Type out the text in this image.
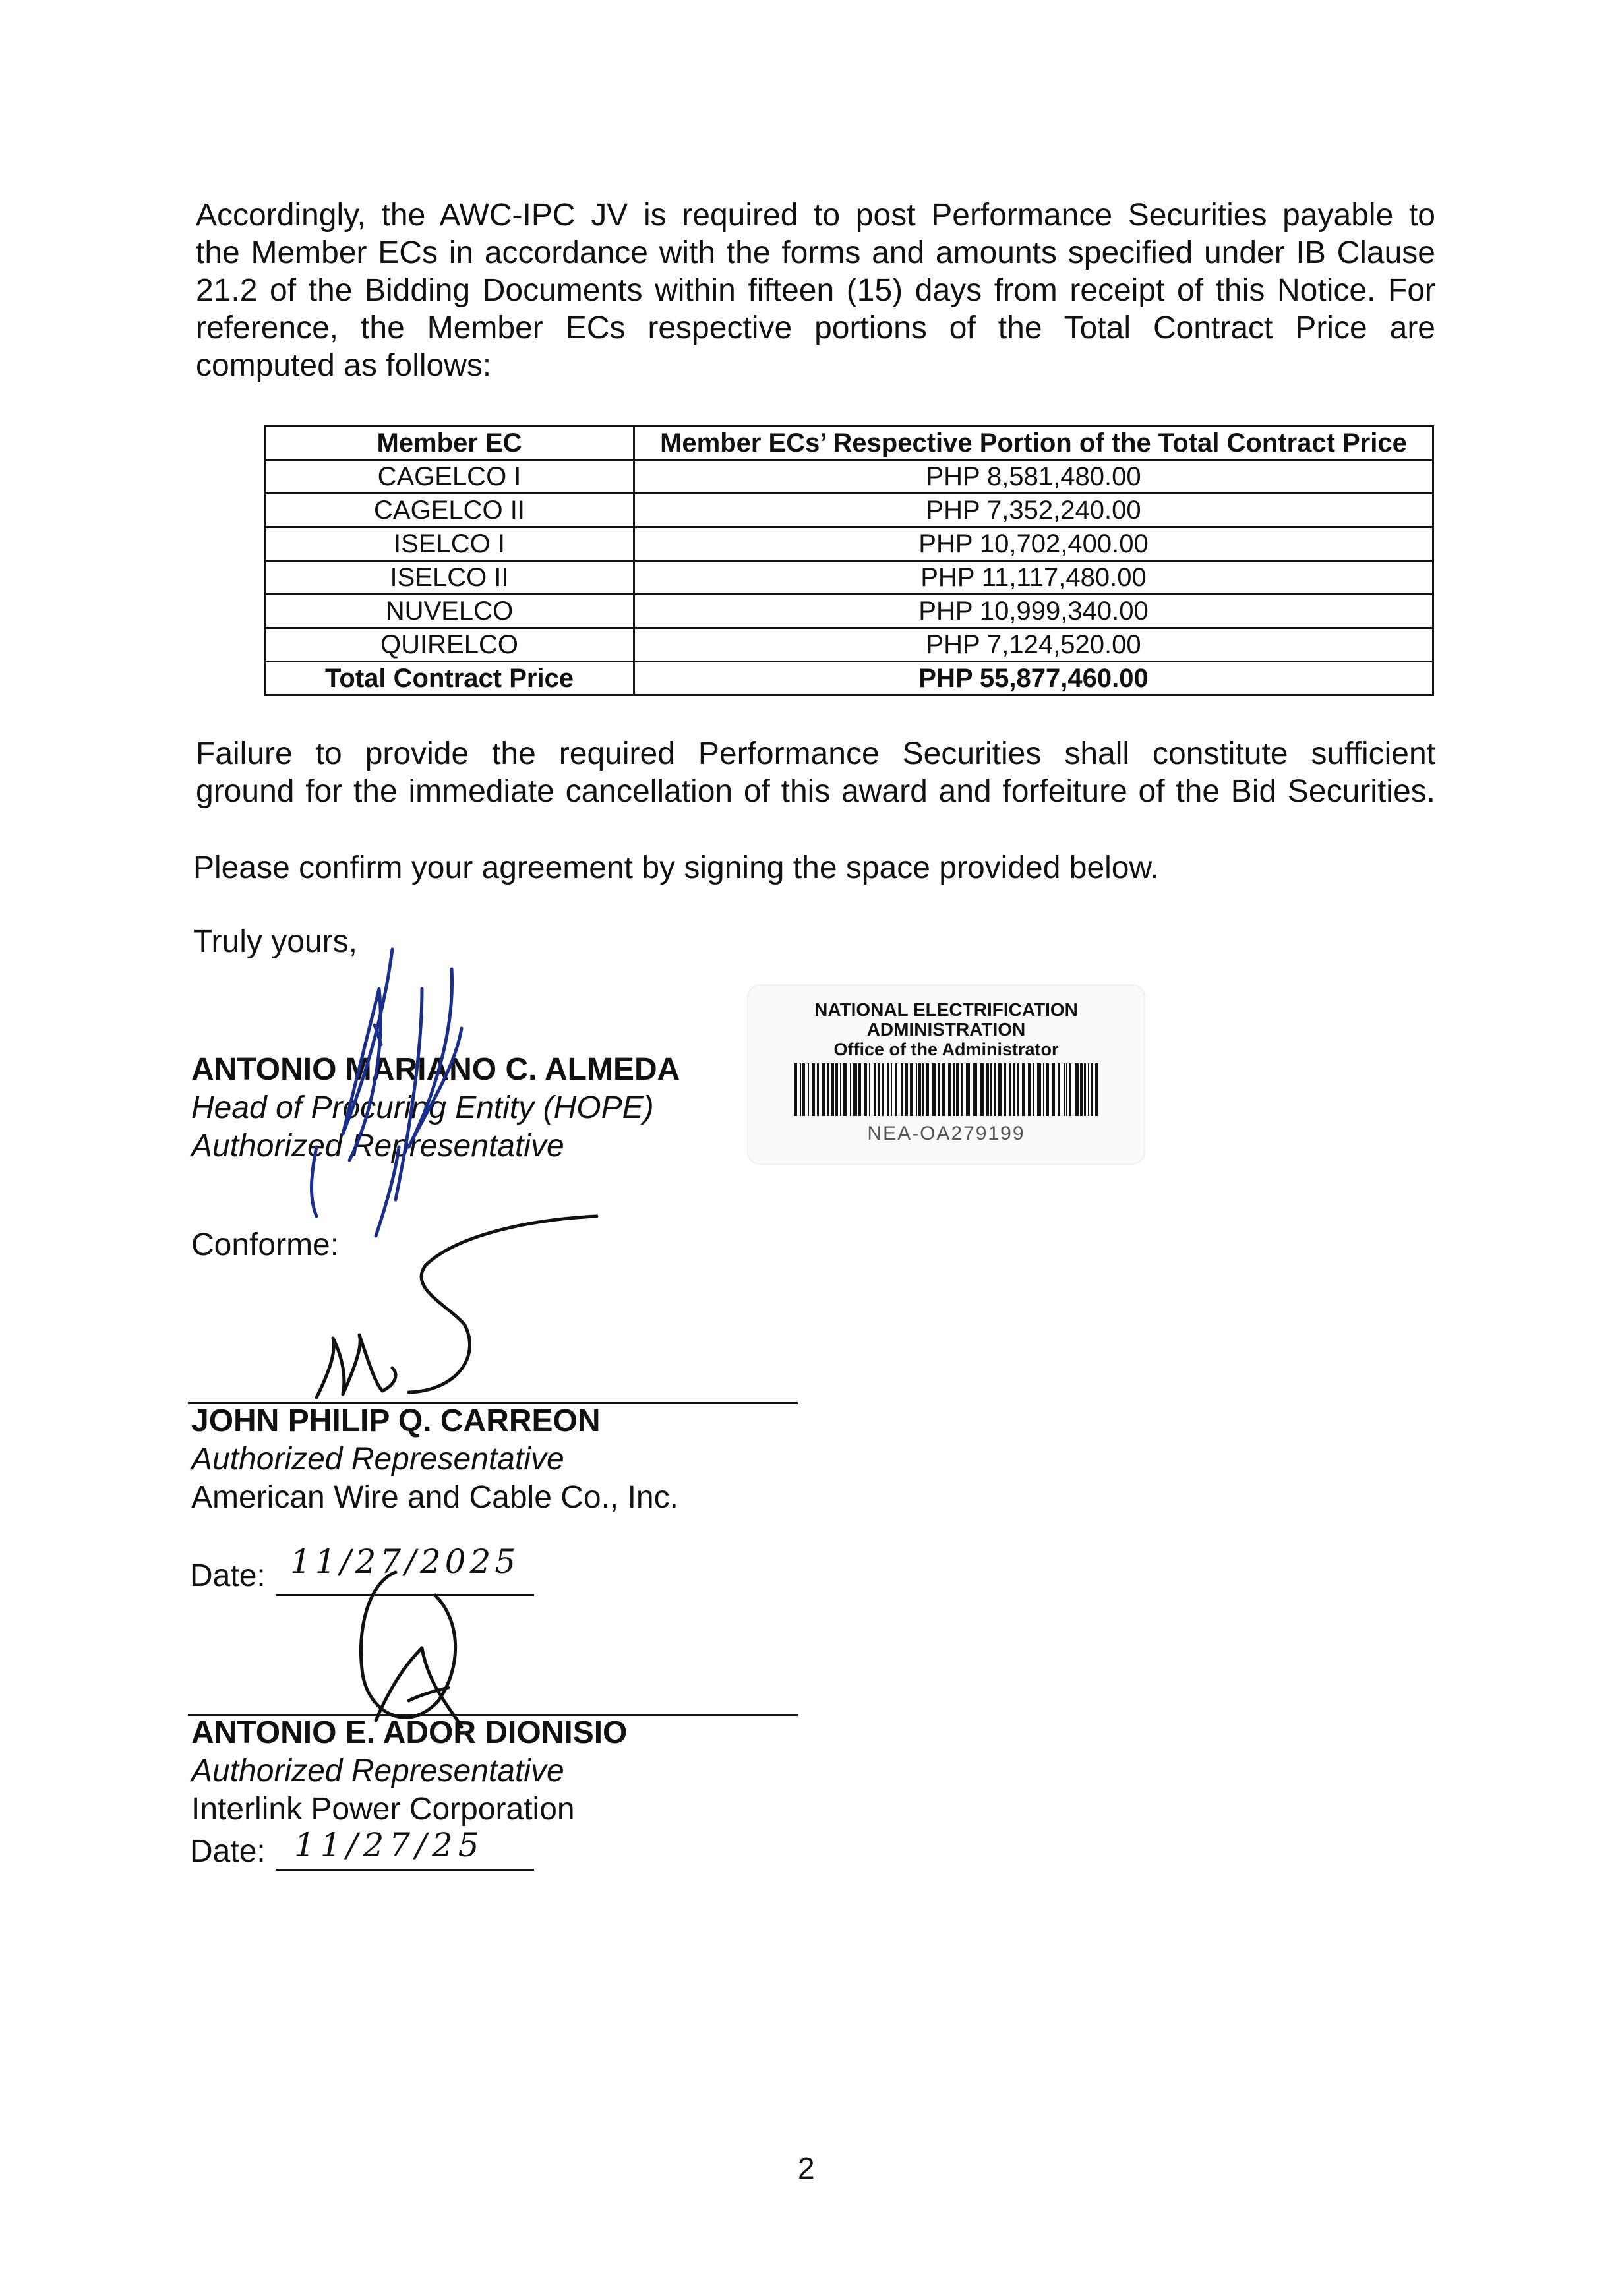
Accordingly, the AWC-IPC JV is required to post Performance Securities payable to
the Member ECs in accordance with the forms and amounts specified under IB Clause
21.2 of the Bidding Documents within fifteen (15) days from receipt of this Notice. For
reference, the Member ECs respective portions of the Total Contract Price are
computed as follows:
Member EC	Member ECs’ Respective Portion of the Total Contract Price
CAGELCO I	PHP 8,581,480.00
CAGELCO II	PHP 7,352,240.00
ISELCO I	PHP 10,702,400.00
ISELCO II	PHP 11,117,480.00
NUVELCO	PHP 10,999,340.00
QUIRELCO	PHP 7,124,520.00
Total Contract Price	PHP 55,877,460.00
Failure to provide the required Performance Securities shall constitute sufficient
ground for the immediate cancellation of this award and forfeiture of the Bid Securities.
Please confirm your agreement by signing the space provided below.
Truly yours,
ANTONIO MARIANO C. ALMEDA
Head of Procuring Entity (HOPE)
Authorized Representative
NATIONAL ELECTRIFICATION
ADMINISTRATION
Office of the Administrator
NEA-OA279199
Conforme:
JOHN PHILIP Q. CARREON
Authorized Representative
American Wire and Cable Co., Inc.
Date: 11/27/2025
ANTONIO E. ADOR DIONISIO
Authorized Representative
Interlink Power Corporation
Date: 11/27/25
2
